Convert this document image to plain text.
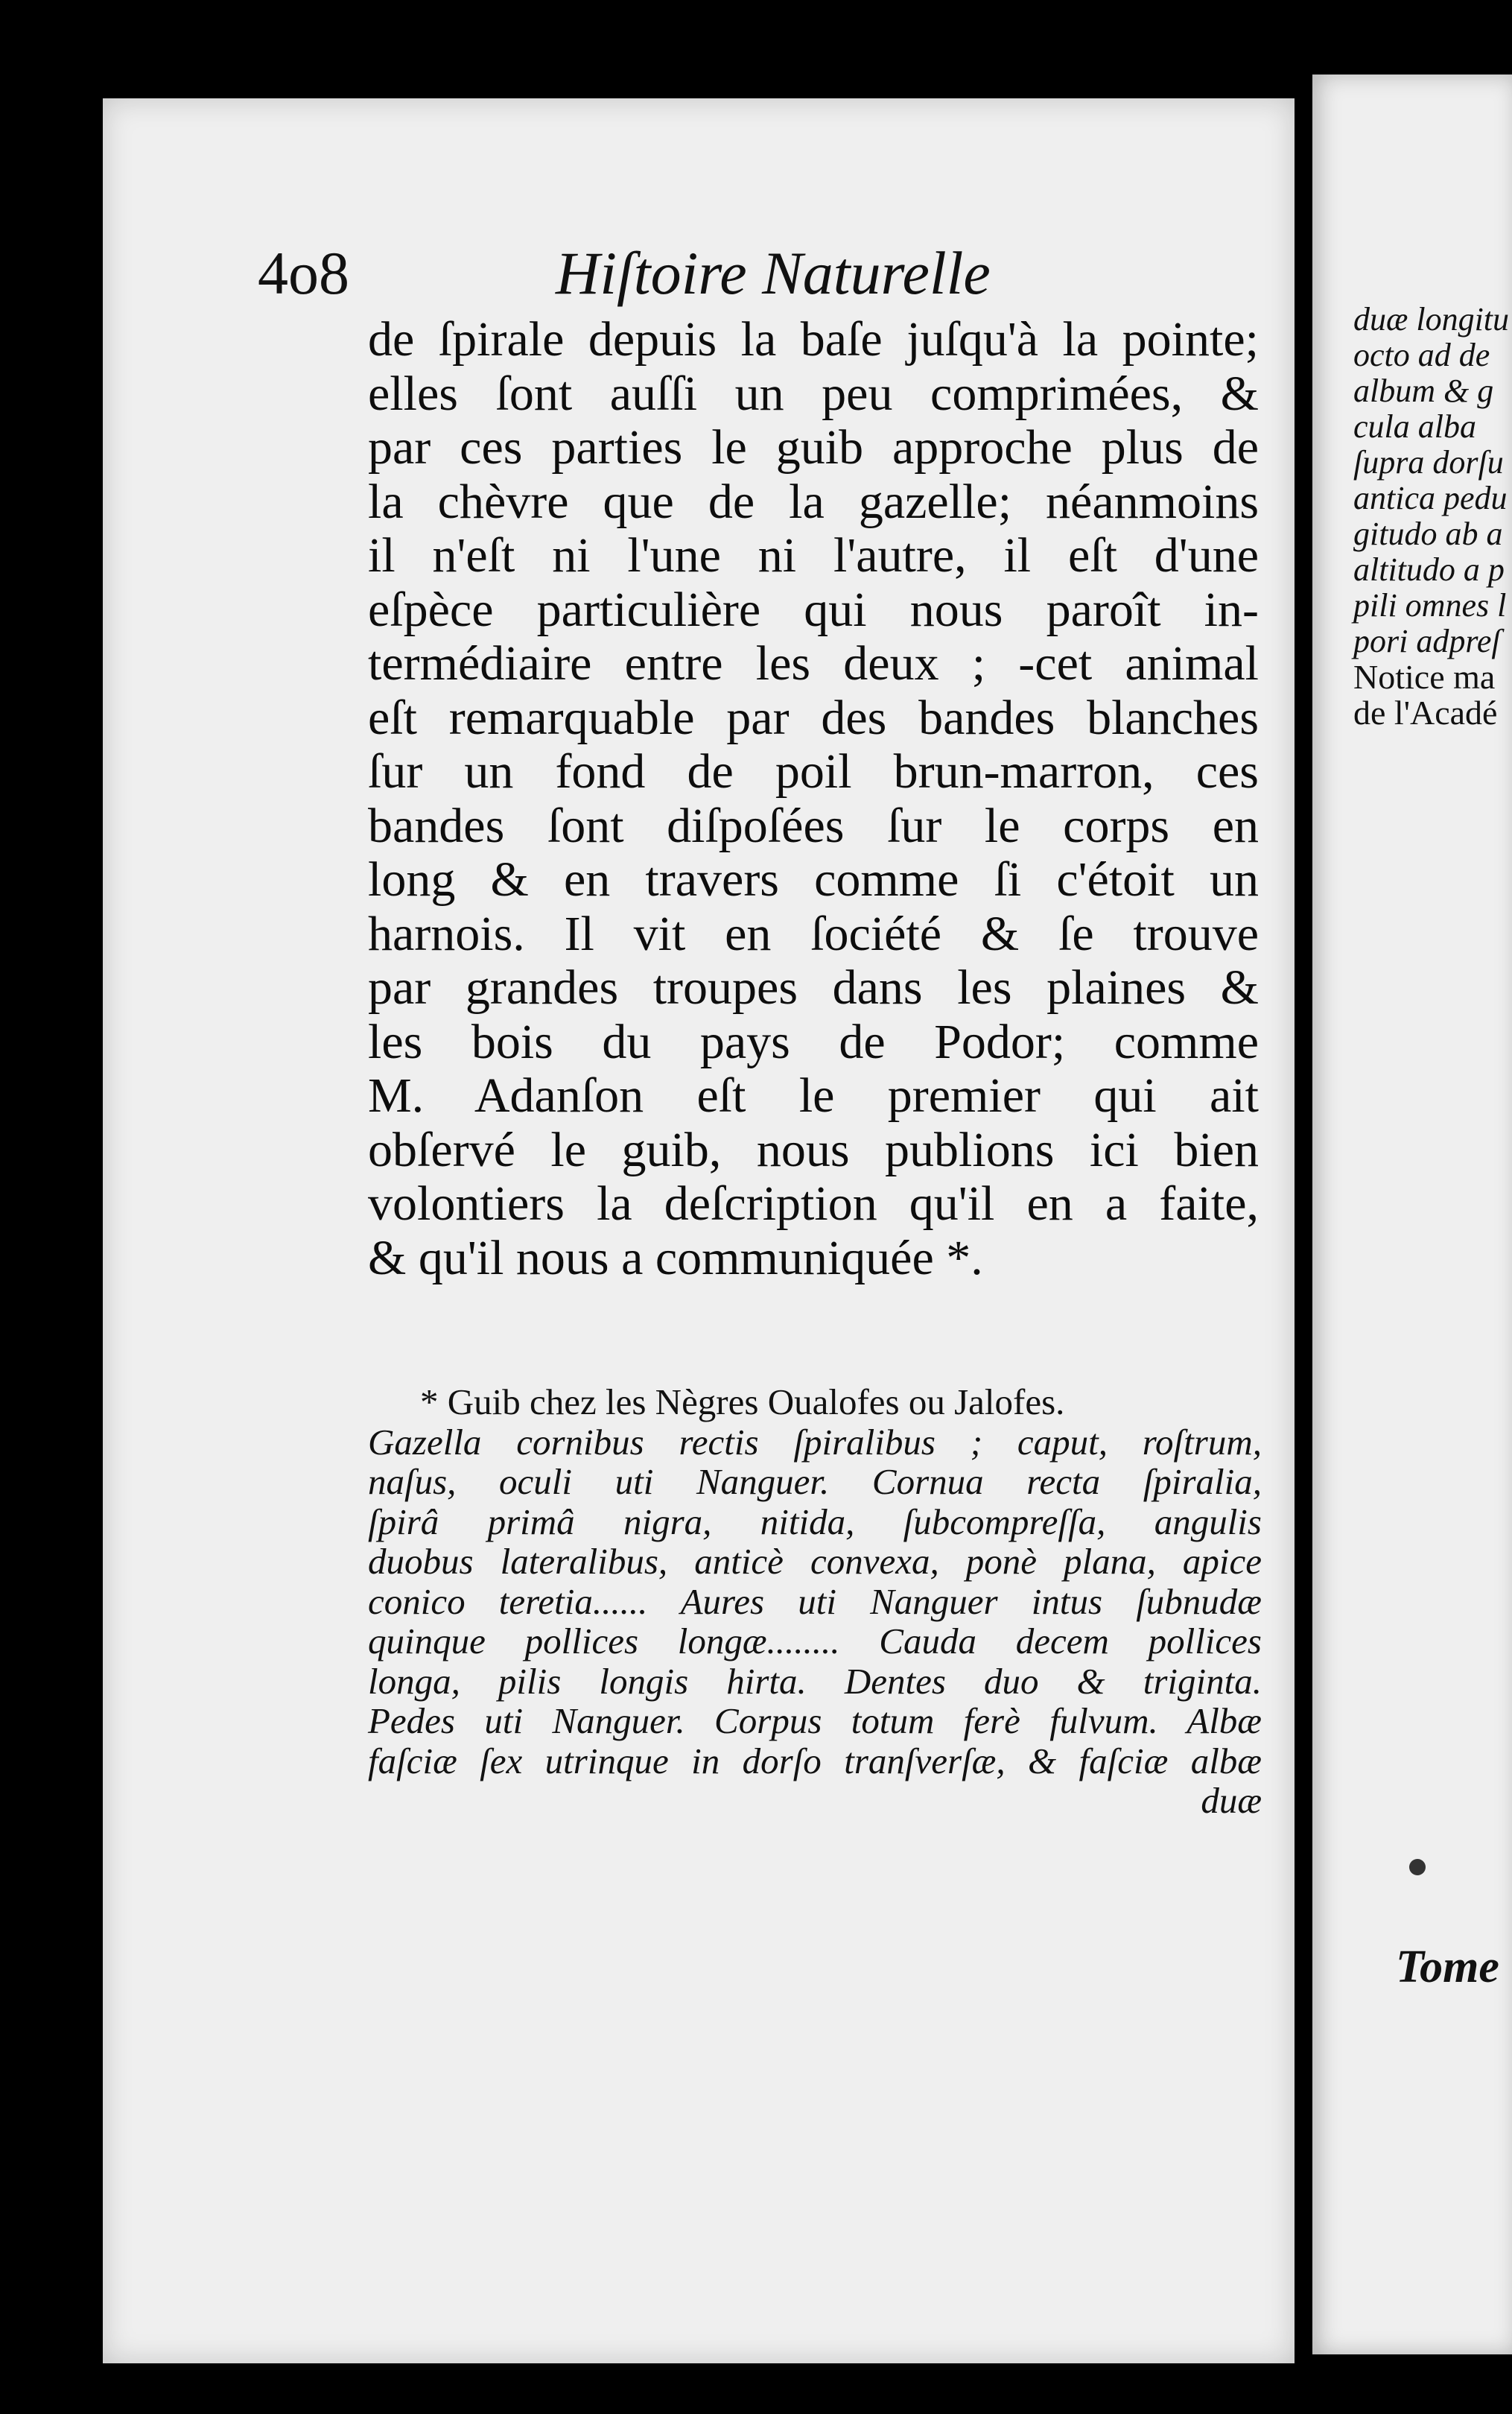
4o8	Hiſtoire Naturelle
de ſpirale depuis la baſe juſqu'à la pointe;
elles ſont auſſi un peu comprimées, &
par ces parties le guib approche plus de
la chèvre que de la gazelle; néanmoins
il n'eſt ni l'une ni l'autre, il eſt d'une
eſpèce particulière qui nous paroît in-
termédiaire entre les deux ; -cet animal
eſt remarquable par des bandes blanches
ſur un fond de poil brun-marron, ces
bandes ſont diſpoſées ſur le corps en
long & en travers comme ſi c'étoit un
harnois. Il vit en ſociété & ſe trouve
par grandes troupes dans les plaines &
les bois du pays de Podor; comme
M. Adanſon eſt le premier qui ait
obſervé le guib, nous publions ici bien
volontiers la deſcription qu'il en a faite,
& qu'il nous a communiquée *.
* Guib chez les Nègres Oualofes ou Jalofes.
Gazella cornibus rectis ſpiralibus ; caput, roſtrum,
naſus, oculi uti Nanguer. Cornua recta ſpiralia,
ſpirâ primâ nigra, nitida, ſubcompreſſa, angulis
duobus lateralibus, anticè convexa, ponè plana, apice
conico teretia...... Aures uti Nanguer intus ſubnudæ
quinque pollices longæ........ Cauda decem pollices
longa, pilis longis hirta. Dentes duo & triginta.
Pedes uti Nanguer. Corpus totum ferè fulvum. Albæ
faſciæ ſex utrinque in dorſo tranſverſæ, & faſciæ albæ
duæ
duæ longitu
octo ad de
album & g
cula alba
ſupra dorſu
antica pedu
gitudo ab a
altitudo a p
pili omnes l
pori adpreſ
Notice ma
de l'Acadé
Tome
